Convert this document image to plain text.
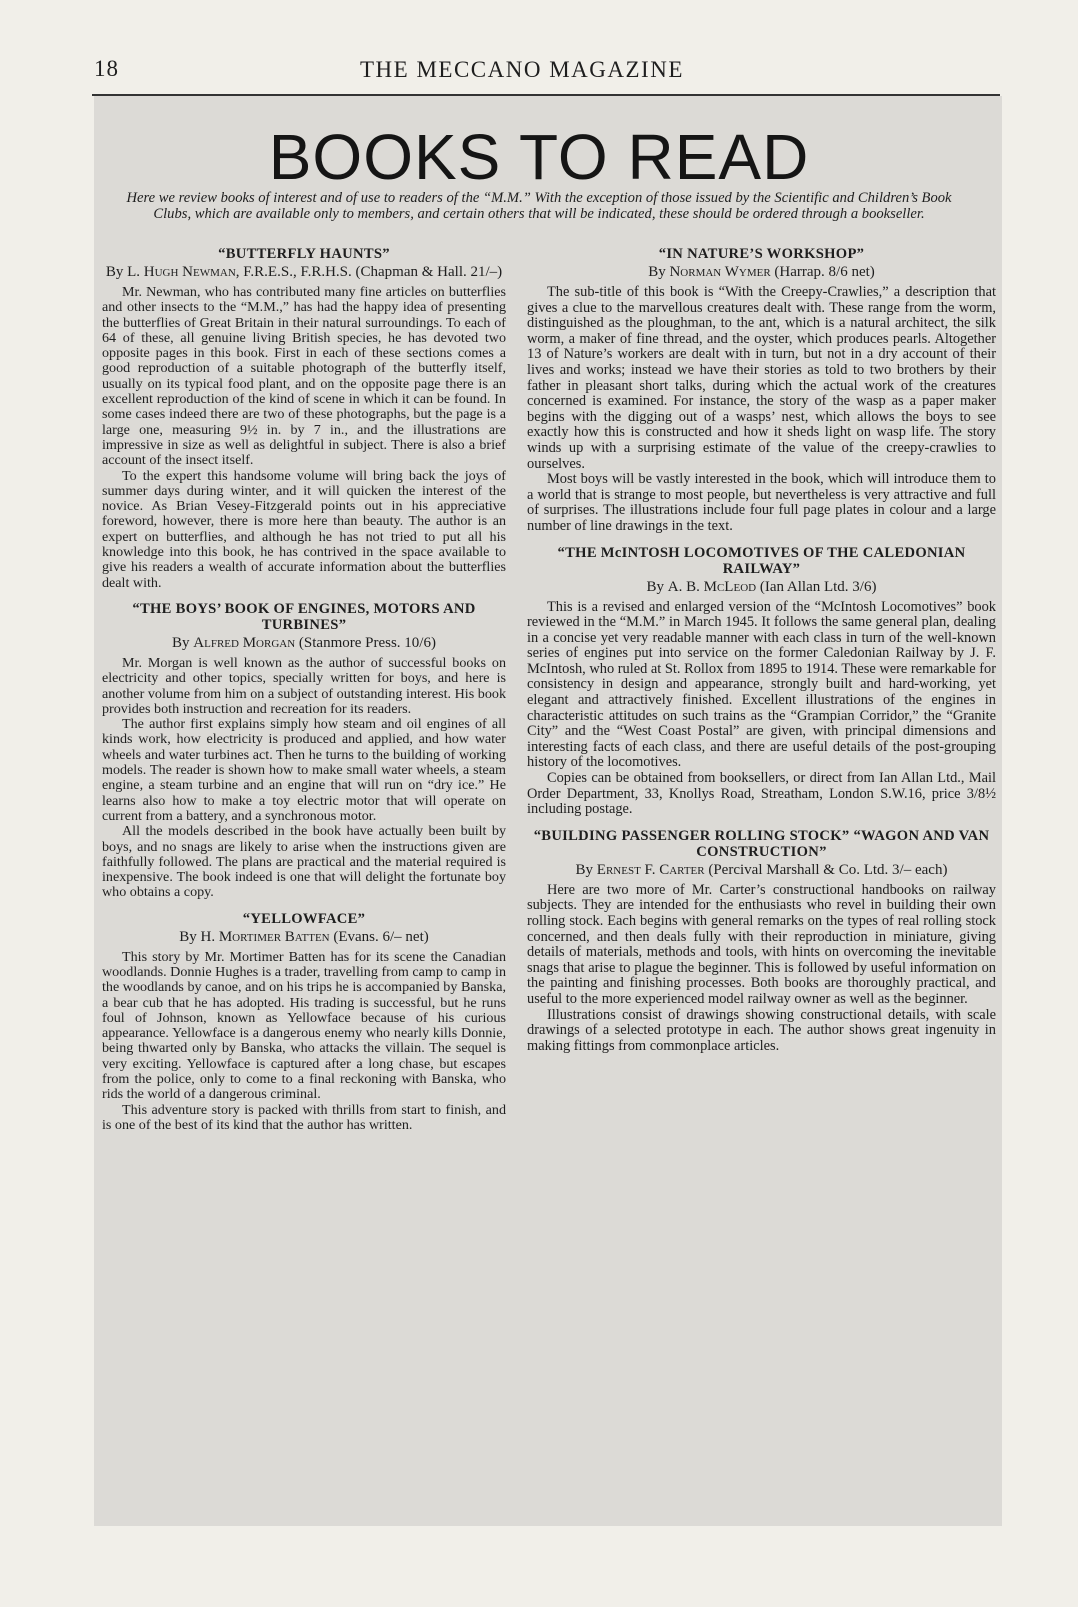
18	THE MECCANO MAGAZINE
BOOKS TO READ

Here we review books of interest and of use to readers of the “M.M.” With the exception of those issued by the Scientific and Children’s Book Clubs, which are available only to members, and certain others that will be indicated, these should be ordered through a bookseller.

“BUTTERFLY HAUNTS”
By L. Hugh Newman, F.R.E.S., F.R.H.S. (Chapman & Hall. 21/–)

Mr. Newman, who has contributed many fine articles on butterflies and other insects to the “M.M.,” has had the happy idea of presenting the butterflies of Great Britain in their natural surroundings. To each of 64 of these, all genuine living British species, he has devoted two opposite pages in this book. First in each of these sections comes a good reproduction of a suitable photograph of the butterfly itself, usually on its typical food plant, and on the opposite page there is an excellent reproduction of the kind of scene in which it can be found. In some cases indeed there are two of these photographs, but the page is a large one, measuring 9½ in. by 7 in., and the illustrations are impressive in size as well as delightful in subject. There is also a brief account of the insect itself.

To the expert this handsome volume will bring back the joys of summer days during winter, and it will quicken the interest of the novice. As Brian Vesey-Fitzgerald points out in his appreciative foreword, however, there is more here than beauty. The author is an expert on butterflies, and although he has not tried to put all his knowledge into this book, he has contrived in the space available to give his readers a wealth of accurate information about the butterflies dealt with.

“THE BOYS’ BOOK OF ENGINES, MOTORS AND TURBINES”
By Alfred Morgan (Stanmore Press. 10/6)

Mr. Morgan is well known as the author of successful books on electricity and other topics, specially written for boys, and here is another volume from him on a subject of outstanding interest. His book provides both instruction and recreation for its readers.

The author first explains simply how steam and oil engines of all kinds work, how electricity is produced and applied, and how water wheels and water turbines act. Then he turns to the building of working models. The reader is shown how to make small water wheels, a steam engine, a steam turbine and an engine that will run on “dry ice.” He learns also how to make a toy electric motor that will operate on current from a battery, and a synchronous motor.

All the models described in the book have actually been built by boys, and no snags are likely to arise when the instructions given are faithfully followed. The plans are practical and the material required is inexpensive. The book indeed is one that will delight the fortunate boy who obtains a copy.

“YELLOWFACE”
By H. Mortimer Batten (Evans. 6/– net)

This story by Mr. Mortimer Batten has for its scene the Canadian woodlands. Donnie Hughes is a trader, travelling from camp to camp in the woodlands by canoe, and on his trips he is accompanied by Banska, a bear cub that he has adopted. His trading is successful, but he runs foul of Johnson, known as Yellowface because of his curious appearance. Yellowface is a dangerous enemy who nearly kills Donnie, being thwarted only by Banska, who attacks the villain. The sequel is very exciting. Yellowface is captured after a long chase, but escapes from the police, only to come to a final reckoning with Banska, who rids the world of a dangerous criminal.

This adventure story is packed with thrills from start to finish, and is one of the best of its kind that the author has written.

“IN NATURE’S WORKSHOP”
By Norman Wymer (Harrap. 8/6 net)

The sub-title of this book is “With the Creepy-Crawlies,” a description that gives a clue to the marvellous creatures dealt with. These range from the worm, distinguished as the ploughman, to the ant, which is a natural architect, the silk worm, a maker of fine thread, and the oyster, which produces pearls. Altogether 13 of Nature’s workers are dealt with in turn, but not in a dry account of their lives and works; instead we have their stories as told to two brothers by their father in pleasant short talks, during which the actual work of the creatures concerned is examined. For instance, the story of the wasp as a paper maker begins with the digging out of a wasps’ nest, which allows the boys to see exactly how this is constructed and how it sheds light on wasp life. The story winds up with a surprising estimate of the value of the creepy-crawlies to ourselves.

Most boys will be vastly interested in the book, which will introduce them to a world that is strange to most people, but nevertheless is very attractive and full of surprises. The illustrations include four full page plates in colour and a large number of line drawings in the text.

“THE McINTOSH LOCOMOTIVES OF THE CALEDONIAN RAILWAY”
By A. B. McLeod (Ian Allan Ltd. 3/6)

This is a revised and enlarged version of the “McIntosh Locomotives” book reviewed in the “M.M.” in March 1945. It follows the same general plan, dealing in a concise yet very readable manner with each class in turn of the well-known series of engines put into service on the former Caledonian Railway by J. F. McIntosh, who ruled at St. Rollox from 1895 to 1914. These were remarkable for consistency in design and appearance, strongly built and hard-working, yet elegant and attractively finished. Excellent illustrations of the engines in characteristic attitudes on such trains as the “Grampian Corridor,” the “Granite City” and the “West Coast Postal” are given, with principal dimensions and interesting facts of each class, and there are useful details of the post-grouping history of the locomotives.

Copies can be obtained from booksellers, or direct from Ian Allan Ltd., Mail Order Department, 33, Knollys Road, Streatham, London S.W.16, price 3/8½ including postage.

“BUILDING PASSENGER ROLLING STOCK” “WAGON AND VAN CONSTRUCTION”
By Ernest F. Carter (Percival Marshall & Co. Ltd. 3/– each)

Here are two more of Mr. Carter’s constructional handbooks on railway subjects. They are intended for the enthusiasts who revel in building their own rolling stock. Each begins with general remarks on the types of real rolling stock concerned, and then deals fully with their reproduction in miniature, giving details of materials, methods and tools, with hints on overcoming the inevitable snags that arise to plague the beginner. This is followed by useful information on the painting and finishing processes. Both books are thoroughly practical, and useful to the more experienced model railway owner as well as the beginner.

Illustrations consist of drawings showing constructional details, with scale drawings of a selected prototype in each. The author shows great ingenuity in making fittings from commonplace articles.
